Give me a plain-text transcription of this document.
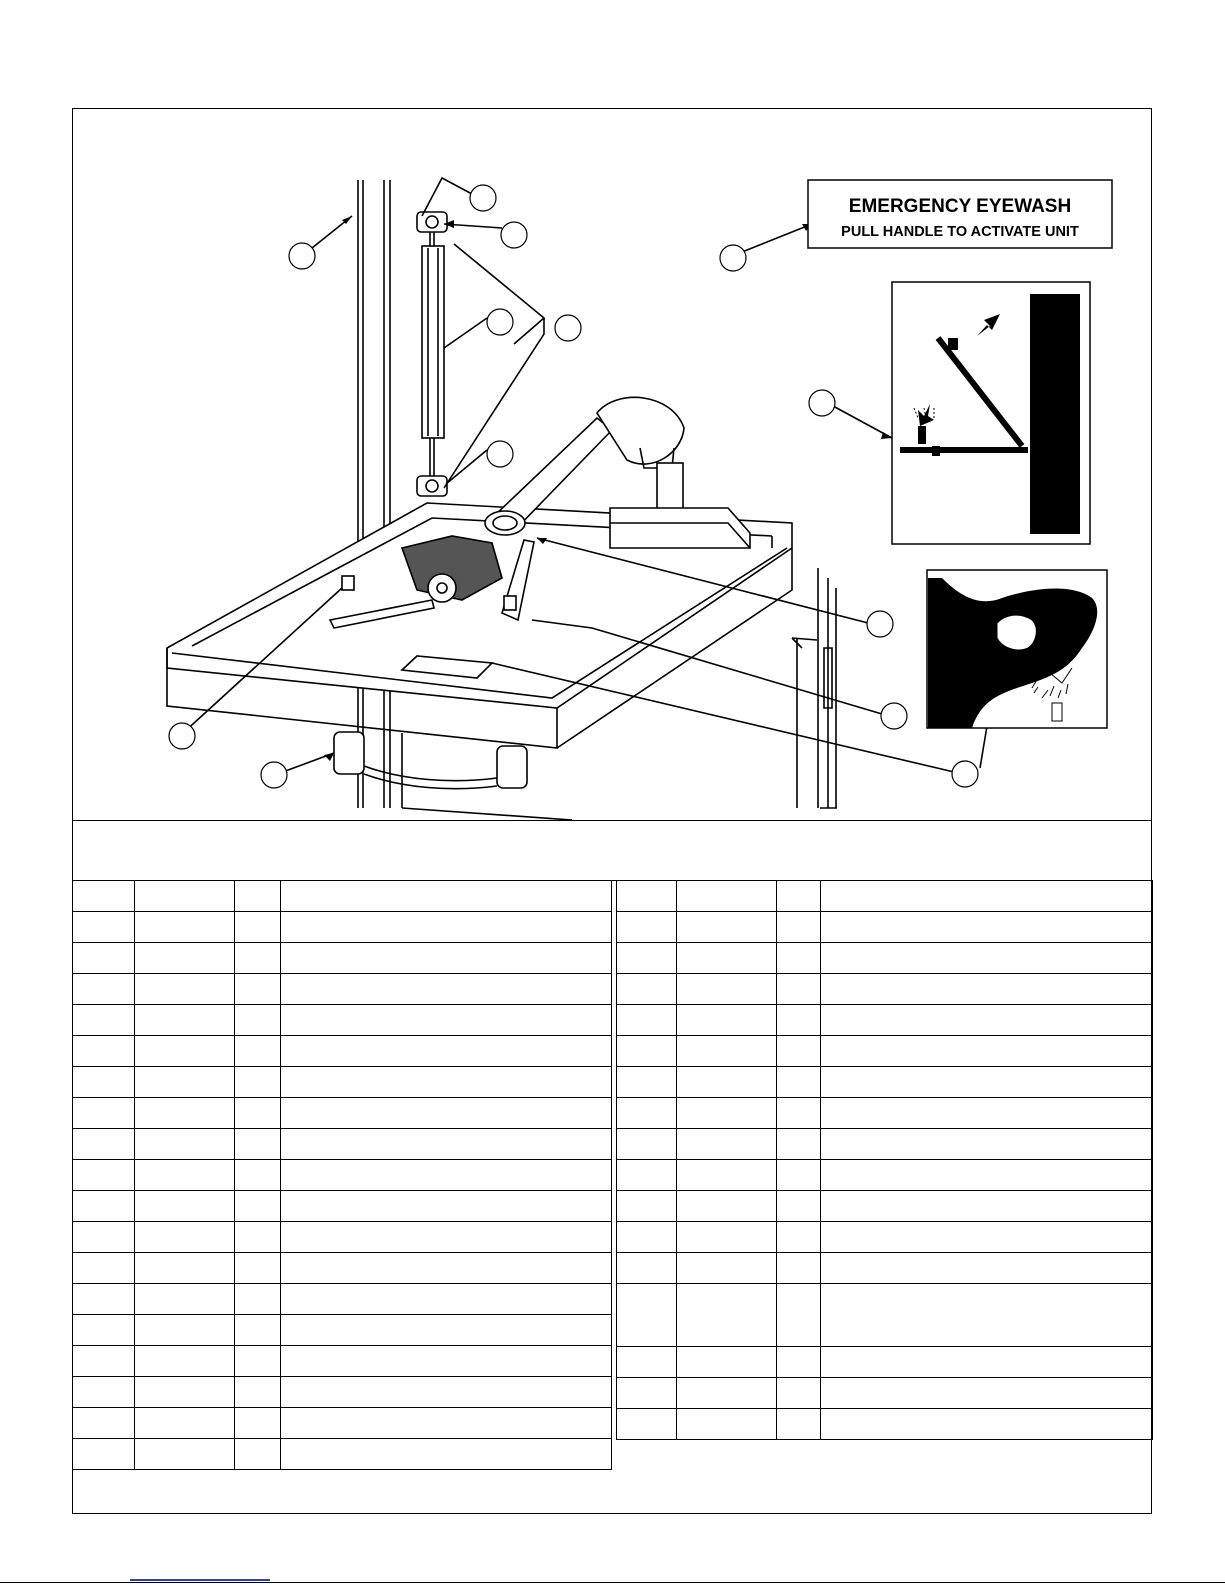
EMERGENCY EYEWASH
PULL HANDLE TO ACTIVATE UNIT
